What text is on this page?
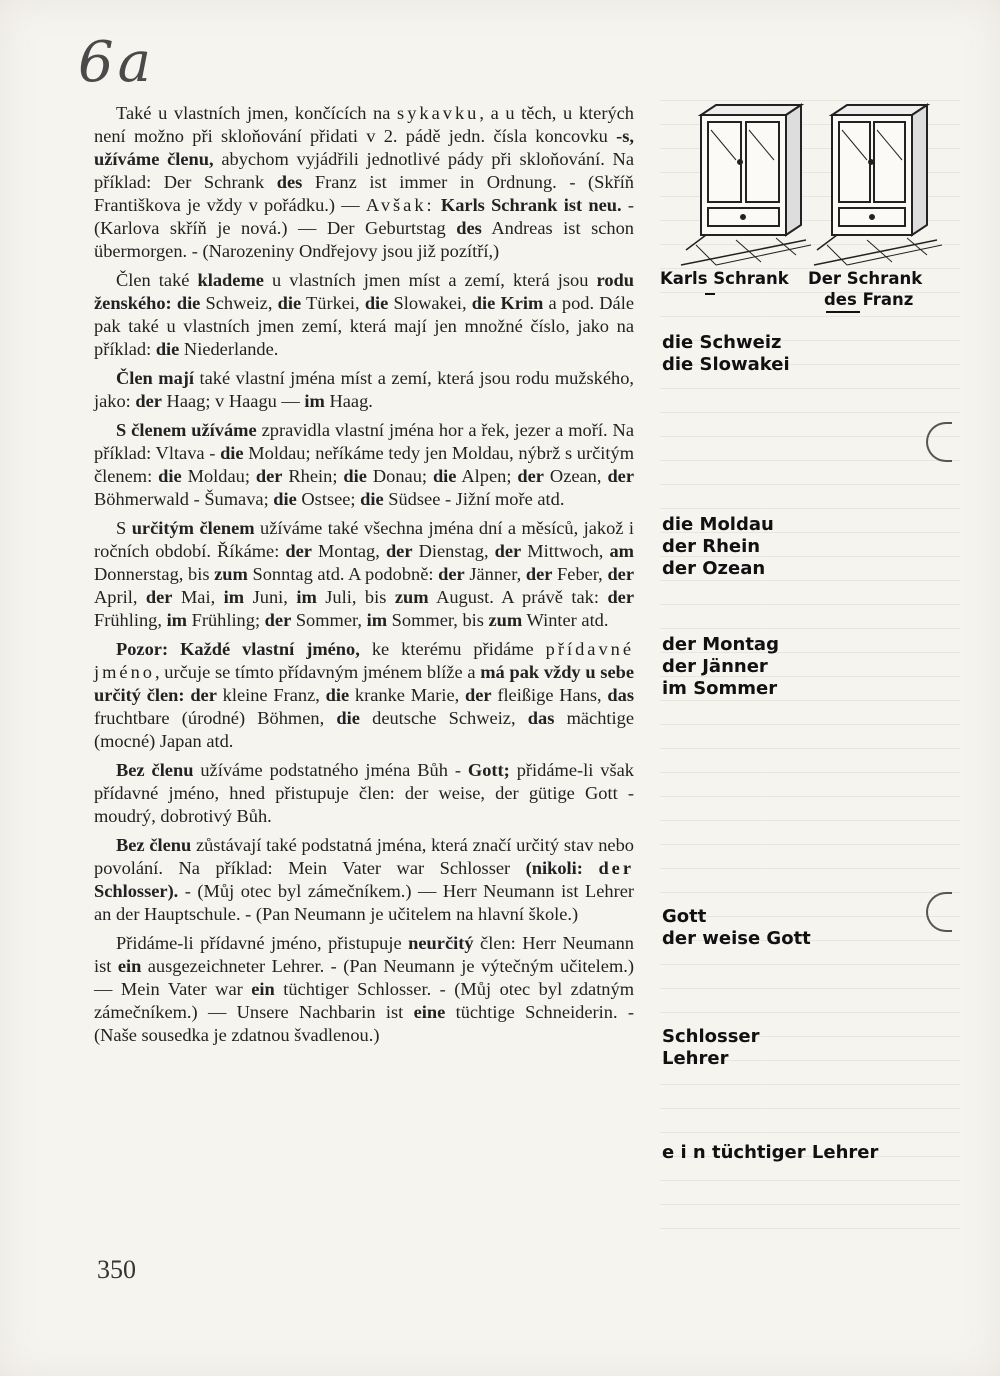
6a

Také u vlastních jmen, končících na sykavku, a u těch, u kterých není možno při skloňování přidati v 2. pádě jedn. čísla koncovku -s, užíváme členu, abychom vyjádřili jednotlivé pády při skloňování. Na příklad: Der Schrank des Franz ist immer in Ordnung. - (Skříň Františkova je vždy v pořádku.) — Avšak: Karls Schrank ist neu. - (Karlova skříň je nová.) — Der Geburtstag des Andreas ist schon übermorgen. - (Narozeniny Ondřejovy jsou již pozítří,)

Člen také klademe u vlastních jmen míst a zemí, která jsou rodu ženského: die Schweiz, die Türkei, die Slowakei, die Krim a pod. Dále pak také u vlastních jmen zemí, která mají jen množné číslo, jako na příklad: die Niederlande.

Člen mají také vlastní jména míst a zemí, která jsou rodu mužského, jako: der Haag; v Haagu — im Haag.

S členem užíváme zpravidla vlastní jména hor a řek, jezer a moří. Na příklad: Vltava - die Moldau; neříkáme tedy jen Moldau, nýbrž s určitým členem: die Moldau; der Rhein; die Donau; die Alpen; der Ozean, der Böhmerwald - Šumava; die Ostsee; die Südsee - Jižní moře atd.

S určitým členem užíváme také všechna jména dní a měsíců, jakož i ročních období. Říkáme: der Montag, der Dienstag, der Mittwoch, am Donnerstag, bis zum Sonntag atd. A podobně: der Jänner, der Feber, der April, der Mai, im Juni, im Juli, bis zum August. A právě tak: der Frühling, im Frühling; der Sommer, im Sommer, bis zum Winter atd.

Pozor: Každé vlastní jméno, ke kterému přidáme přídavné jméno, určuje se tímto přídavným jménem blíže a má pak vždy u sebe určitý člen: der kleine Franz, die kranke Marie, der fleißige Hans, das fruchtbare (úrodné) Böhmen, die deutsche Schweiz, das mächtige (mocné) Japan atd.

Bez členu užíváme podstatného jména Bůh - Gott; přidáme-li však přídavné jméno, hned přistupuje člen: der weise, der gütige Gott - moudrý, dobrotivý Bůh.

Bez členu zůstávají také podstatná jména, která značí určitý stav nebo povolání. Na příklad: Mein Vater war Schlosser (nikoli: der Schlosser). - (Můj otec byl zámečníkem.) — Herr Neumann ist Lehrer an der Hauptschule. - (Pan Neumann je učitelem na hlavní škole.)

Přidáme-li přídavné jméno, přistupuje neurčitý člen: Herr Neumann ist ein ausgezeichneter Lehrer. - (Pan Neumann je výtečným učitelem.) — Mein Vater war ein tüchtiger Schlosser. - (Můj otec byl zdatným zámečníkem.) — Unsere Nachbarin ist eine tüchtige Schneiderin. - (Naše sousedka je zdatnou švadlenou.)

Karls Schrank Der Schrank
des Franz
die Schweiz
die Slowakei
die Moldau
der Rhein
der Ozean
der Montag
der Jänner
im Sommer
Gott
der weise Gott
Schlosser
Lehrer
e i n tüchtiger Lehrer
350
